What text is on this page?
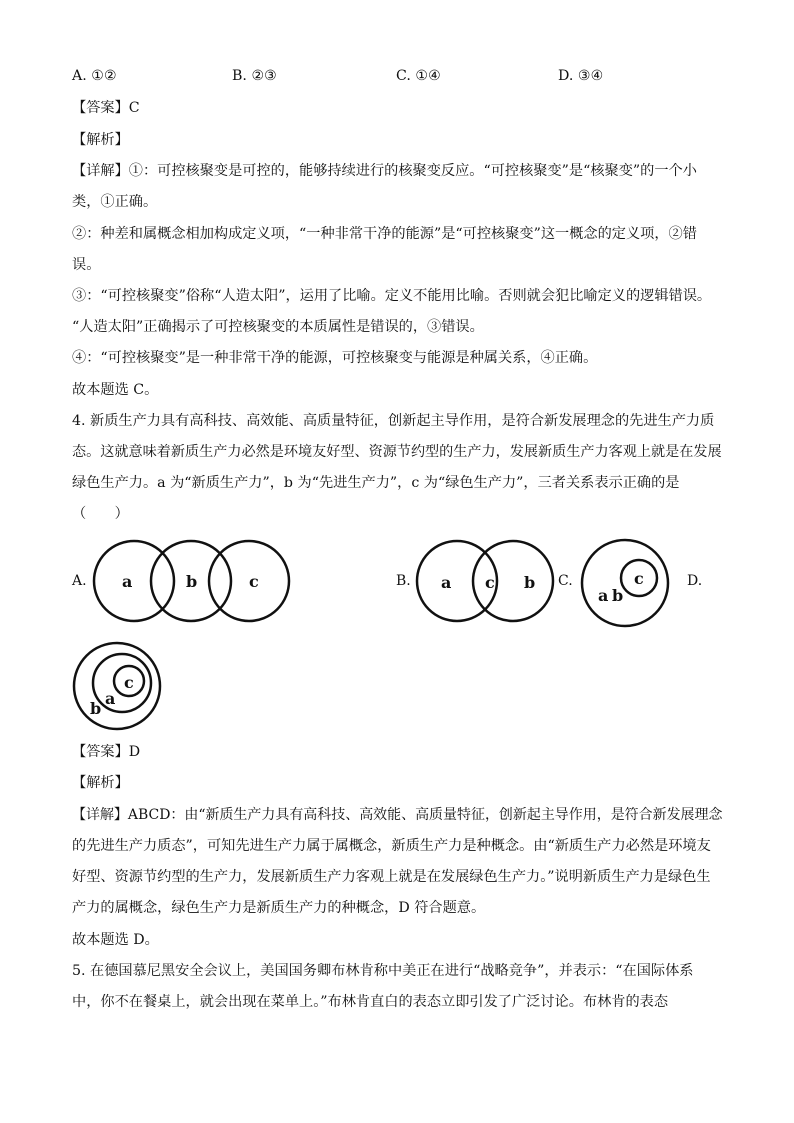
A. ①②	B. ②③	C. ①④	D. ③④
【答案】C
【解析】
【详解】①：可控核聚变是可控的，能够持续进行的核聚变反应。“可控核聚变”是“核聚变”的一个小
类，①正确。
②：种差和属概念相加构成定义项，“一种非常干净的能源”是“可控核聚变”这一概念的定义项，②错
误。
③：“可控核聚变”俗称“人造太阳”，运用了比喻。定义不能用比喻。否则就会犯比喻定义的逻辑错误。
“人造太阳”正确揭示了可控核聚变的本质属性是错误的，③错误。
④：“可控核聚变”是一种非常干净的能源，可控核聚变与能源是种属关系，④正确。
故本题选 C。
4. 新质生产力具有高科技、高效能、高质量特征，创新起主导作用，是符合新发展理念的先进生产力质
态。这就意味着新质生产力必然是环境友好型、资源节约型的生产力，发展新质生产力客观上就是在发展
绿色生产力。a 为“新质生产力”，b 为“先进生产力”，c 为“绿色生产力”，三者关系表示正确的是
（　　）
A.	B.	C.	D.
a	b	c	a c b	c
a b
c
a
b
【答案】D
【解析】
【详解】ABCD：由“新质生产力具有高科技、高效能、高质量特征，创新起主导作用，是符合新发展理念
的先进生产力质态”，可知先进生产力属于属概念，新质生产力是种概念。由“新质生产力必然是环境友
好型、资源节约型的生产力，发展新质生产力客观上就是在发展绿色生产力。”说明新质生产力是绿色生
产力的属概念，绿色生产力是新质生产力的种概念，D 符合题意。
故本题选 D。
5. 在德国慕尼黑安全会议上，美国国务卿布林肯称中美正在进行“战略竞争”，并表示：“在国际体系
中，你不在餐桌上，就会出现在菜单上。”布林肯直白的表态立即引发了广泛讨论。布林肯的表态
